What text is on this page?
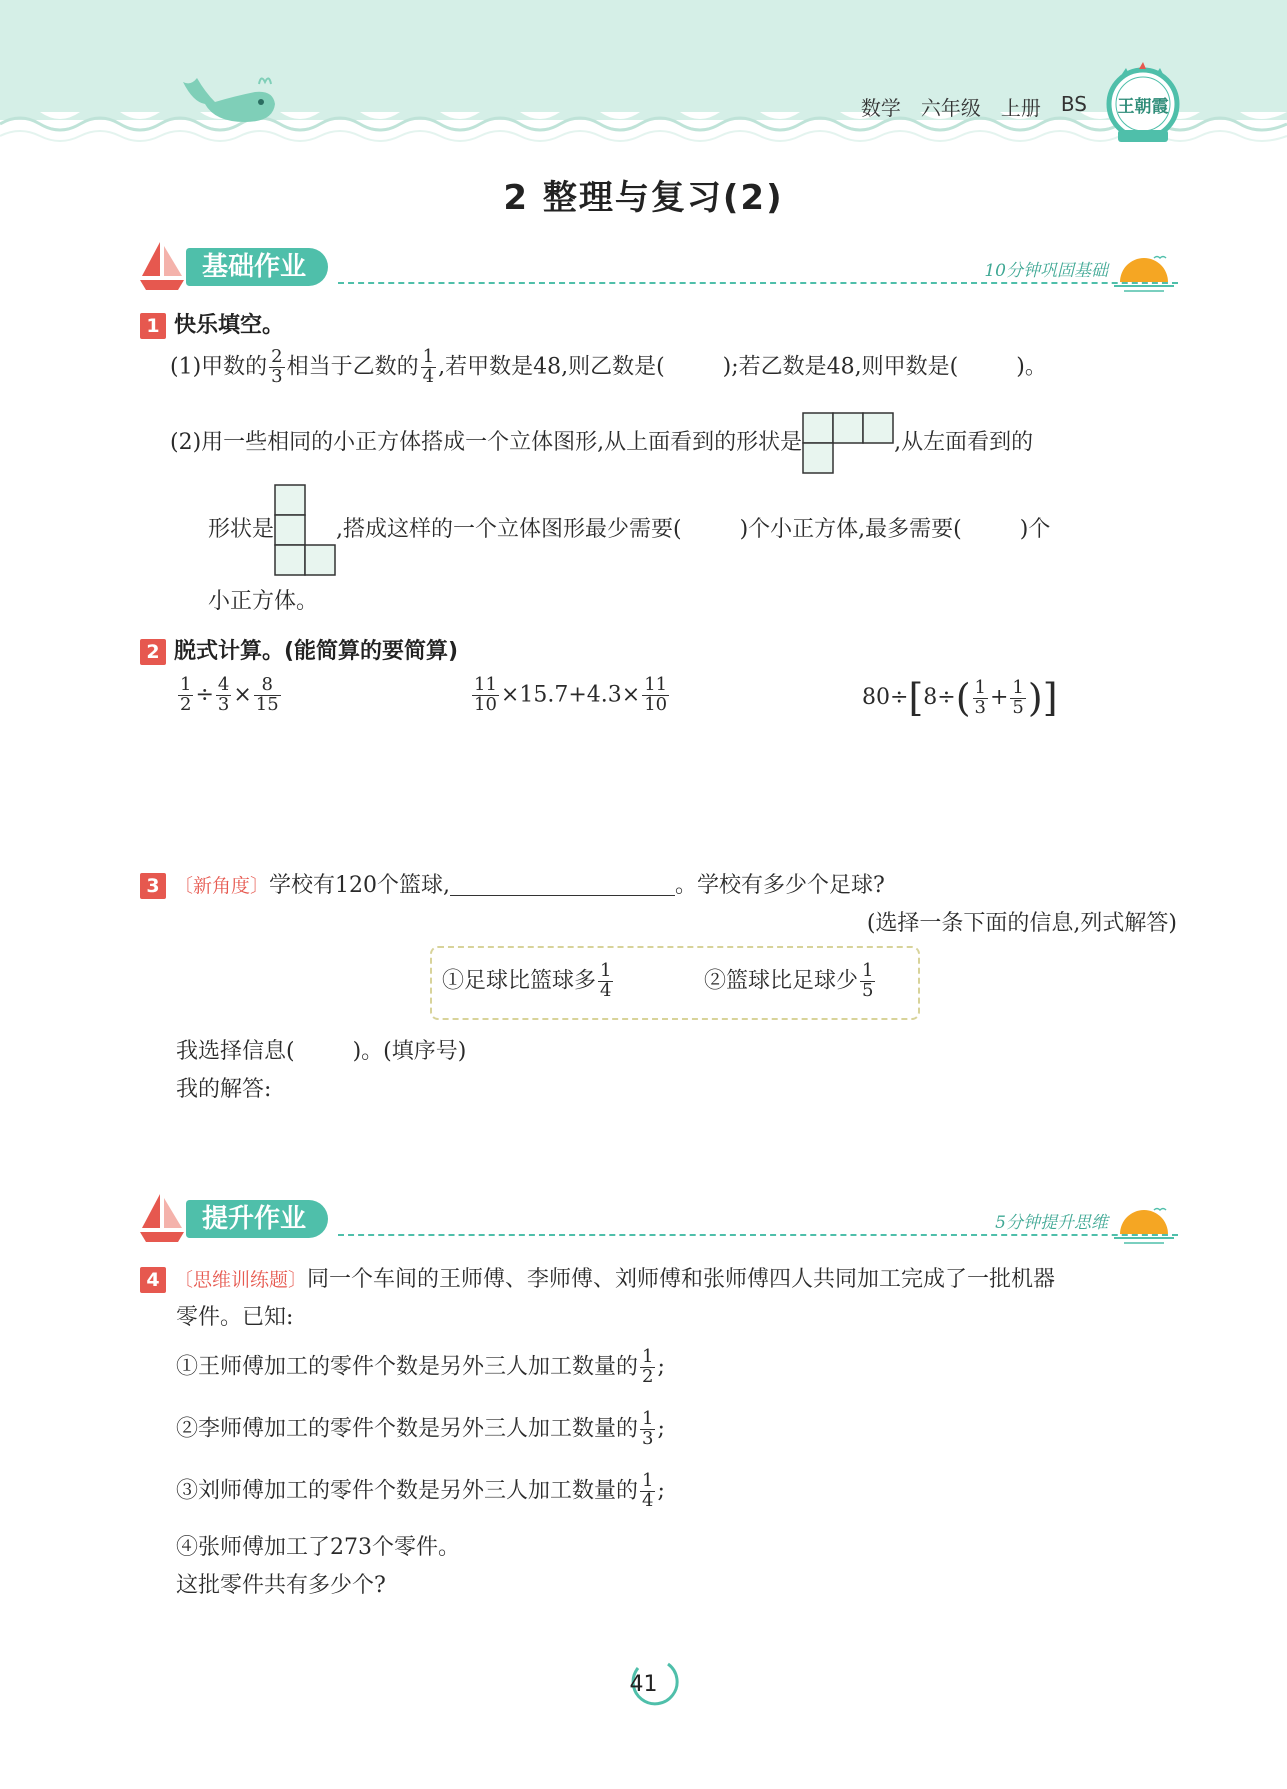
数学 六年级 上册 BS 王朝霞
2 整理与复习(2)
基础作业	10分钟巩固基础
1 快乐填空。
(1)甲数的 $\frac{2}{3}$ 相当于乙数的 $\frac{1}{4}$ ,若甲数是48,则乙数是(	);若乙数是48,则甲数是(	)。
(2)用一些相同的小正方体搭成一个立体图形,从上面看到的形状是	,从左面看到的
形状是	,搭成这样的一个立体图形最少需要(	)个小正方体,最多需要(	)个
小正方体。
2 脱式计算。(能简算的要简算)
$\frac{1}{2} \div \frac{4}{3} \times \frac{8}{15}$	$\frac{11}{10} \times 15.7+4.3\times \frac{11}{10}$	$80\div[8\div( \frac{1}{3} + \frac{1}{5}$ )]
3 〔新角度〕学校有120个篮球,	。学校有多少个足球?
(选择一条下面的信息,列式解答)
①足球比篮球多 $\frac{1}{4}$	②篮球比足球少 $\frac{1}{5}$
我选择信息(	)。(填序号)
我的解答:
提升作业	5分钟提升思维
4 〔思维训练题〕同一个车间的王师傅、李师傅、刘师傅和张师傅四人共同加工完成了一批机器
零件。已知:
①王师傅加工的零件个数是另外三人加工数量的 $\frac{1}{2}$ ;
②李师傅加工的零件个数是另外三人加工数量的 $\frac{1}{3}$ ;
③刘师傅加工的零件个数是另外三人加工数量的 $\frac{1}{4}$ ;
④张师傅加工了273个零件。
这批零件共有多少个?
41
